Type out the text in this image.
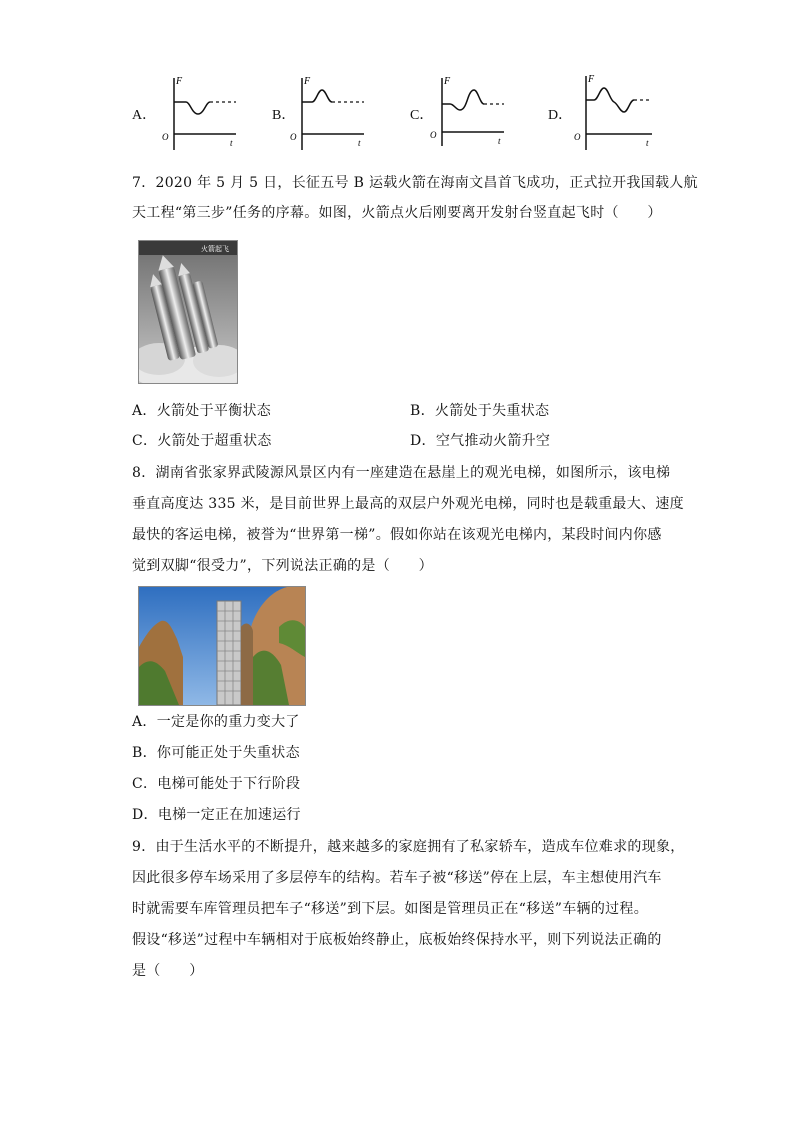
A．
F
O
t
B．
F
O
t
C．
F
O
t
D．
F
O
t
7．2020 年 5 月 5 日，长征五号 B 运载火箭在海南文昌首飞成功，正式拉开我国载人航
天工程“第三步”任务的序幕。如图，火箭点火后刚要离开发射台竖直起飞时（　　）
火箭起飞
A．火箭处于平衡状态	B．火箭处于失重状态
C．火箭处于超重状态	D．空气推动火箭升空
8．湖南省张家界武陵源风景区内有一座建造在悬崖上的观光电梯，如图所示，该电梯
垂直高度达 335 米，是目前世界上最高的双层户外观光电梯，同时也是载重最大、速度
最快的客运电梯，被誉为“世界第一梯”。假如你站在该观光电梯内，某段时间内你感
觉到双脚“很受力”，下列说法正确的是（　　）
A．一定是你的重力变大了
B．你可能正处于失重状态
C．电梯可能处于下行阶段
D．电梯一定正在加速运行
9．由于生活水平的不断提升，越来越多的家庭拥有了私家轿车，造成车位难求的现象，
因此很多停车场采用了多层停车的结构。若车子被“移送”停在上层，车主想使用汽车
时就需要车库管理员把车子“移送”到下层。如图是管理员正在“移送”车辆的过程。
假设“移送”过程中车辆相对于底板始终静止，底板始终保持水平，则下列说法正确的
是（　　）
